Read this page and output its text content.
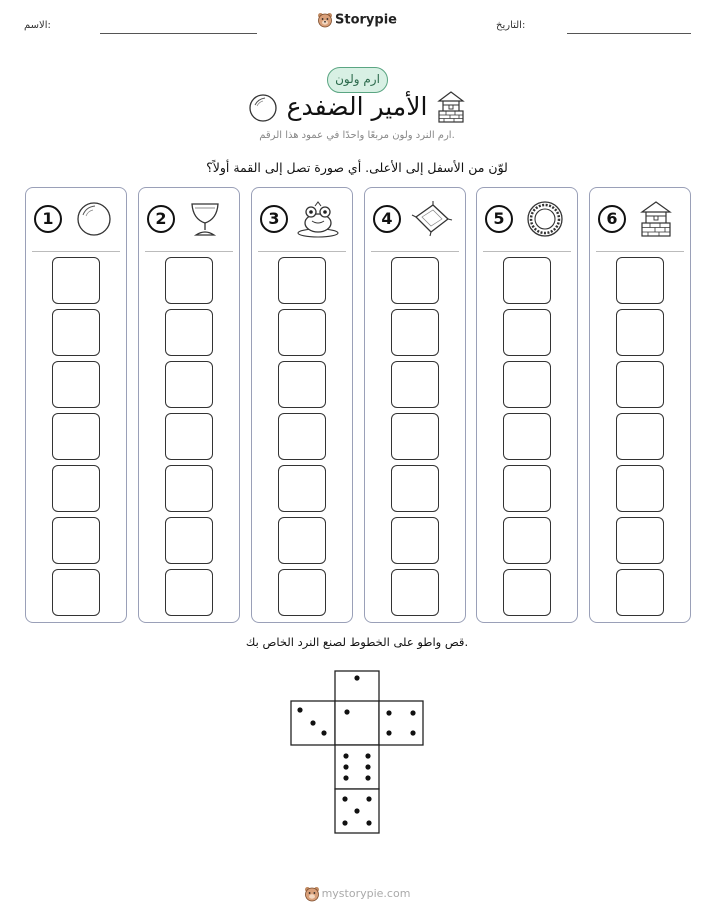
الاسم:	Storypie	التاريخ:
ارم ولون
الأمير الضفدع
ارم النرد ولون مربعًا واحدًا في عمود هذا الرقم.
لوّن من الأسفل إلى الأعلى. أي صورة تصل إلى القمة أولاً؟
1	2	3	4	5	6
قص واطو على الخطوط لصنع النرد الخاص بك.
mystorypie.com
